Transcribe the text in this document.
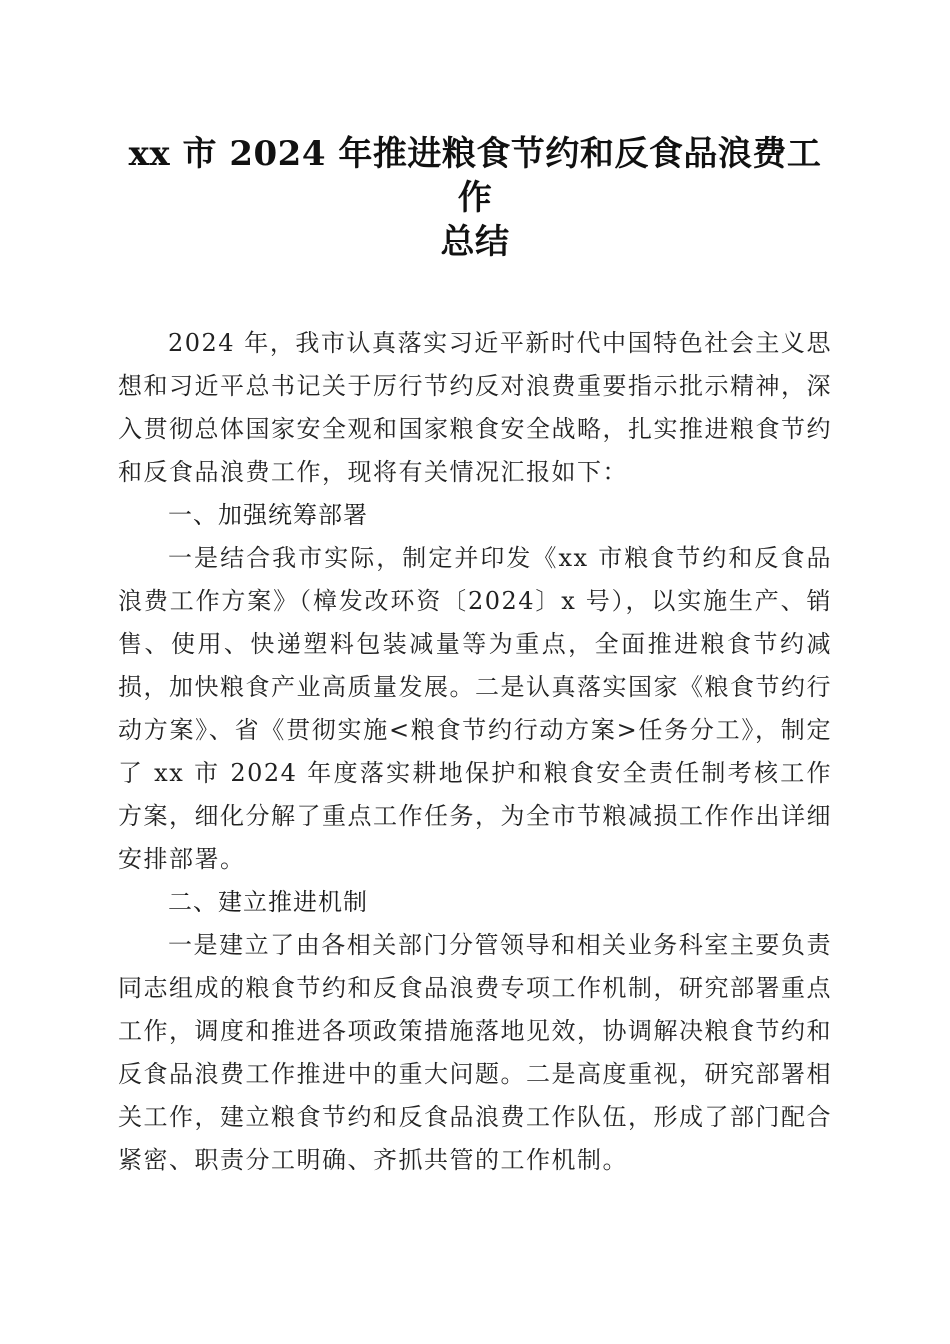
xx 市 2024 年推进粮食节约和反食品浪费工作
总结

2024 年，我市认真落实习近平新时代中国特色社会主义思想和习近平总书记关于厉行节约反对浪费重要指示批示精神，深入贯彻总体国家安全观和国家粮食安全战略，扎实推进粮食节约和反食品浪费工作，现将有关情况汇报如下：

一、加强统筹部署

一是结合我市实际，制定并印发《xx 市粮食节约和反食品浪费工作方案》（樟发改环资〔2024〕x 号），以实施生产、销售、使用、快递塑料包装减量等为重点，全面推进粮食节约减损，加快粮食产业高质量发展。二是认真落实国家《粮食节约行动方案》、省《贯彻实施<粮食节约行动方案>任务分工》，制定了 xx 市 2024 年度落实耕地保护和粮食安全责任制考核工作方案，细化分解了重点工作任务，为全市节粮减损工作作出详细安排部署。

二、建立推进机制

一是建立了由各相关部门分管领导和相关业务科室主要负责同志组成的粮食节约和反食品浪费专项工作机制，研究部署重点工作，调度和推进各项政策措施落地见效，协调解决粮食节约和反食品浪费工作推进中的重大问题。二是高度重视，研究部署相关工作，建立粮食节约和反食品浪费工作队伍，形成了部门配合紧密、职责分工明确、齐抓共管的工作机制。
